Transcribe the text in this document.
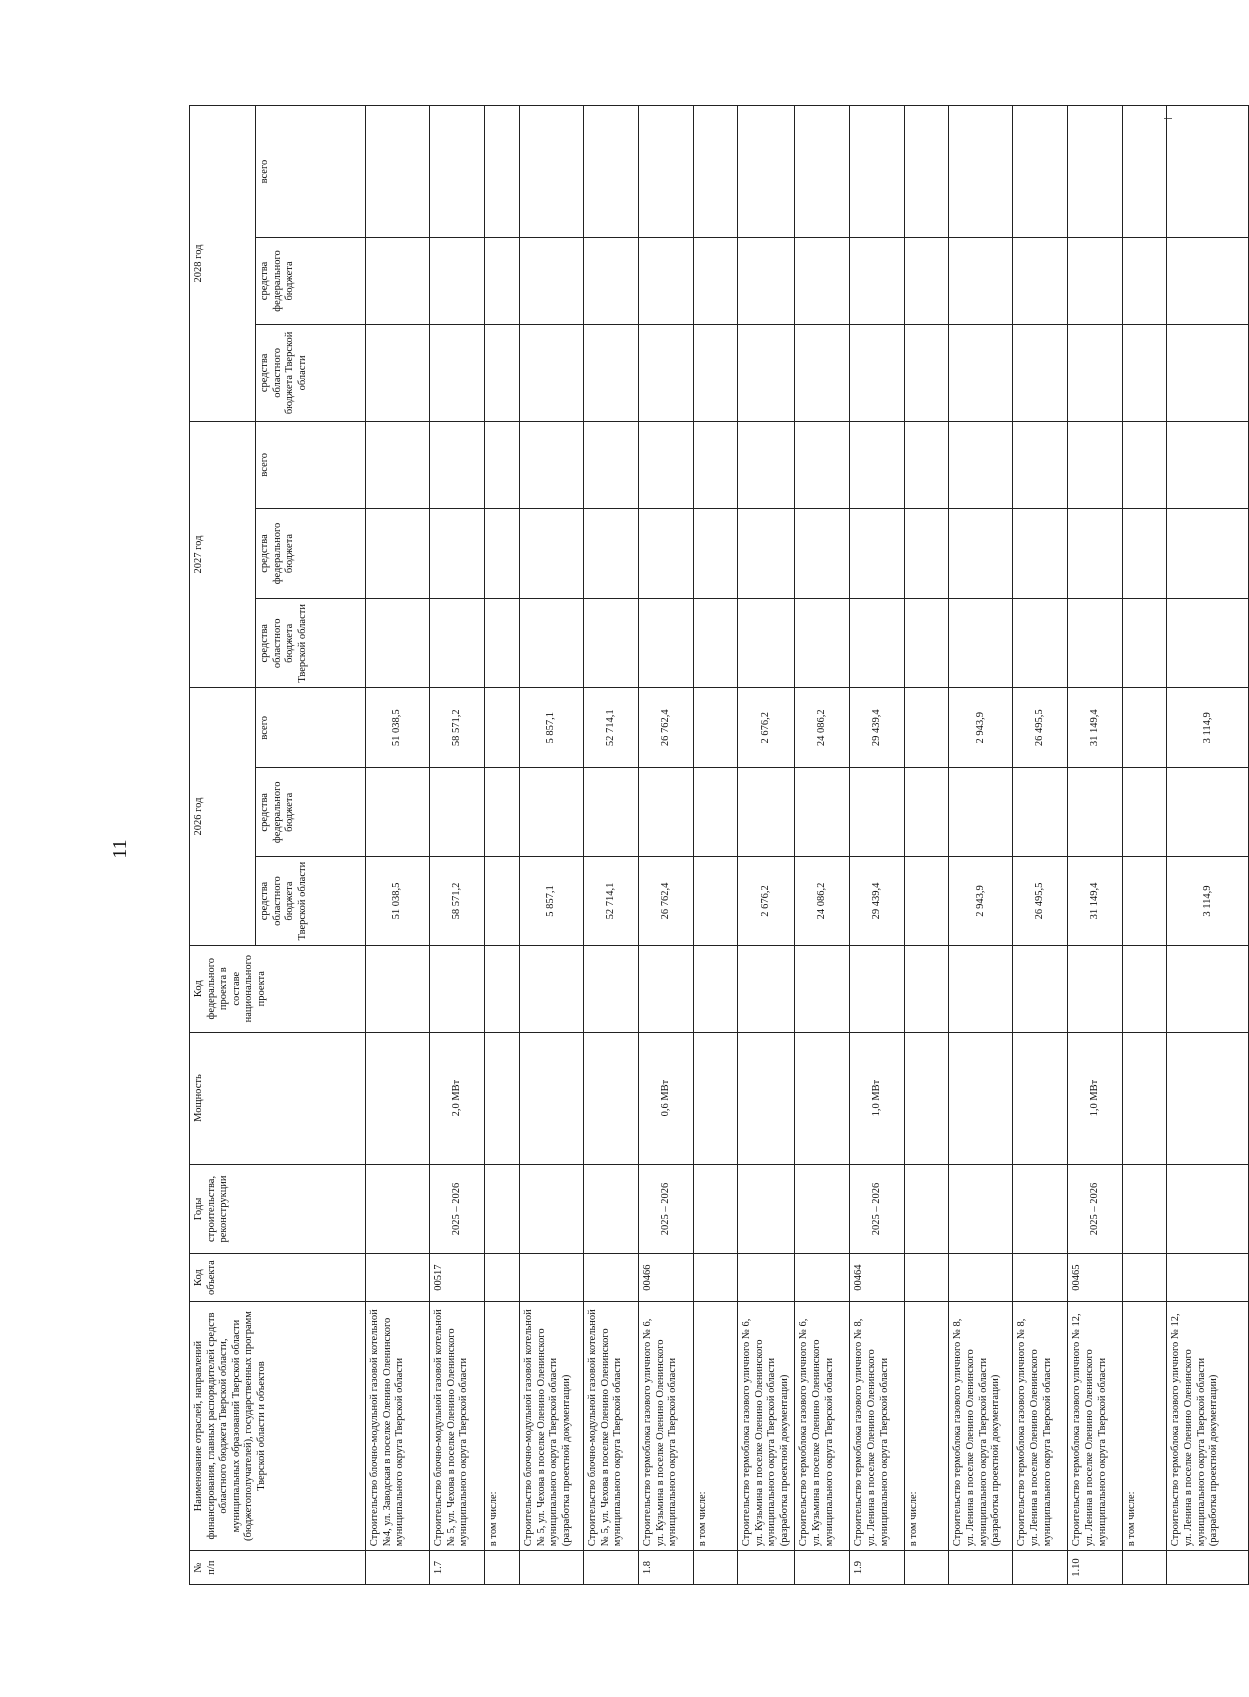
11
№
п/п	Наименование отраслей, направлений финансирования, главных распорядителей средств областного бюджета Тверской области, муниципальных образований Тверской области (бюджетополучателей), государственных программ Тверской области и объектов	Код объекта	Годы строительства, реконструкции	Мощность	Код федерального проекта в составе национального проекта	2026 год			2027 год			2028 год		
						средства областного бюджета Тверской области	средства федерального бюджета	всего	средства областного бюджета Тверской области	средства федерального бюджета	всего	средства областного бюджета Тверской области	средства федерального бюджета	всего
	Строительство блочно-модульной газовой котельной №4, ул. Заводская в поселке Оленино Оленинского муниципального округа Тверской области					51 038,5		51 038,5						
1.7	Строительство блочно-модульной газовой котельной № 5, ул. Чехова в поселке Оленино Оленинского муниципального округа Тверской области	00517	2025 – 2026	2,0 МВт		58 571,2		58 571,2						
	в том числе:													
	Строительство блочно-модульной газовой котельной № 5, ул. Чехова в поселке Оленино Оленинского муниципального округа Тверской области (разработка проектной документации)					5 857,1		5 857,1						
	Строительство блочно-модульной газовой котельной № 5, ул. Чехова в поселке Оленино Оленинского муниципального округа Тверской области					52 714,1		52 714,1						
1.8	Строительство термоблока газового уличного № 6, ул. Кузьмина в поселке Оленино Оленинского муниципального округа Тверской области	00466	2025 – 2026	0,6 МВт		26 762,4		26 762,4						
	в том числе:													
	Строительство термоблока газового уличного № 6, ул. Кузьмина в поселке Оленино Оленинского муниципального округа Тверской области (разработка проектной документации)					2 676,2		2 676,2						
	Строительство термоблока газового уличного № 6, ул. Кузьмина в поселке Оленино Оленинского муниципального округа Тверской области					24 086,2		24 086,2						
1.9	Строительство термоблока газового уличного № 8, ул. Ленина в поселке Оленино Оленинского муниципального округа Тверской области	00464	2025 – 2026	1,0 МВт		29 439,4		29 439,4						
	в том числе:													
	Строительство термоблока газового уличного № 8, ул. Ленина в поселке Оленино Оленинского муниципального округа Тверской области (разработка проектной документации)					2 943,9		2 943,9						
	Строительство термоблока газового уличного № 8, ул. Ленина в поселке Оленино Оленинского муниципального округа Тверской области					26 495,5		26 495,5						
1.10	Строительство термоблока газового уличного № 12, ул. Ленина в поселке Оленино Оленинского муниципального округа Тверской области	00465	2025 – 2026	1,0 МВт		31 149,4		31 149,4						
	в том числе:													
	Строительство термоблока газового уличного № 12, ул. Ленина в поселке Оленино Оленинского муниципального округа Тверской области (разработка проектной документации)					3 114,9		3 114,9						
